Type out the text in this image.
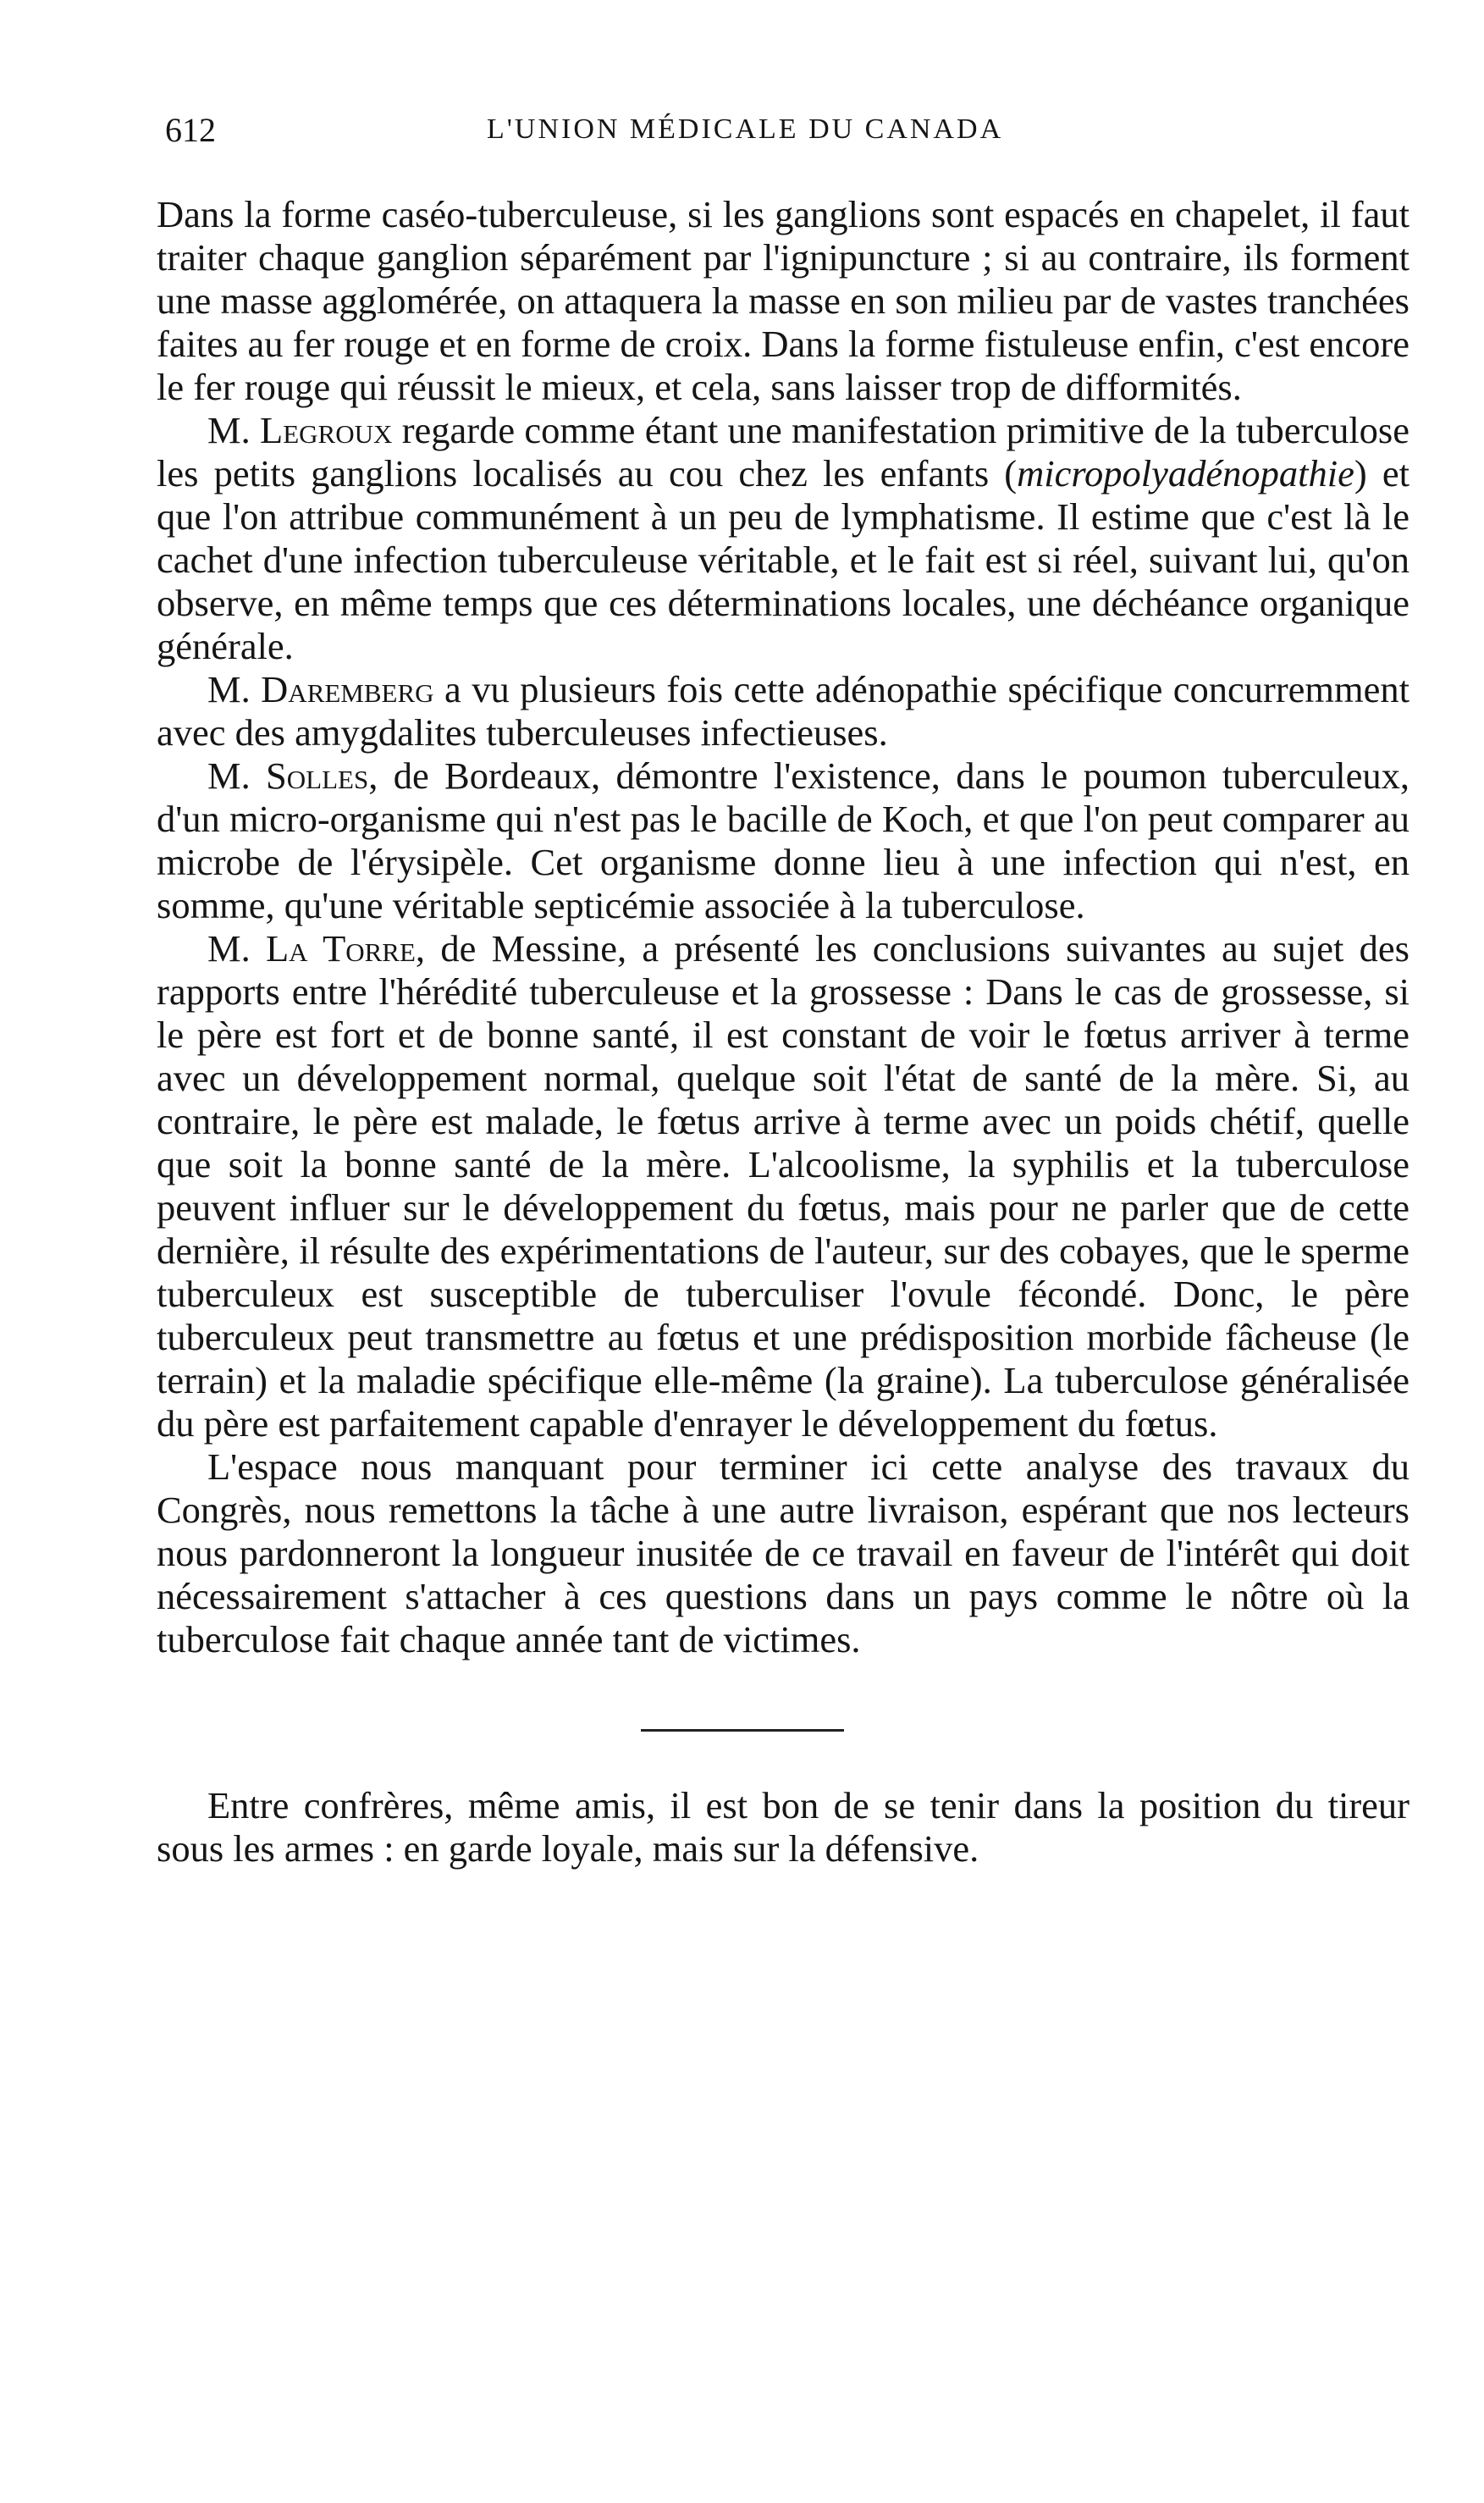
612	L'UNION MÉDICALE DU CANADA

Dans la forme caséo-tuberculeuse, si les ganglions sont espacés en chapelet, il faut traiter chaque ganglion séparément par l'ignipuncture ; si au contraire, ils forment une masse agglomérée, on attaquera la masse en son milieu par de vastes tranchées faites au fer rouge et en forme de croix. Dans la forme fistuleuse enfin, c'est encore le fer rouge qui réussit le mieux, et cela, sans laisser trop de difformités.

M. Legroux regarde comme étant une manifestation primitive de la tuberculose les petits ganglions localisés au cou chez les enfants (micropolyadénopathie) et que l'on attribue communément à un peu de lymphatisme. Il estime que c'est là le cachet d'une infection tuberculeuse véritable, et le fait est si réel, suivant lui, qu'on observe, en même temps que ces déterminations locales, une déchéance organique générale.

M. Daremberg a vu plusieurs fois cette adénopathie spécifique concurremment avec des amygdalites tuberculeuses infectieuses.

M. Solles, de Bordeaux, démontre l'existence, dans le poumon tuberculeux, d'un micro-organisme qui n'est pas le bacille de Koch, et que l'on peut comparer au microbe de l'érysipèle. Cet organisme donne lieu à une infection qui n'est, en somme, qu'une véritable septicémie associée à la tuberculose.

M. La Torre, de Messine, a présenté les conclusions suivantes au sujet des rapports entre l'hérédité tuberculeuse et la grossesse : Dans le cas de grossesse, si le père est fort et de bonne santé, il est constant de voir le fœtus arriver à terme avec un développement normal, quelque soit l'état de santé de la mère. Si, au contraire, le père est malade, le fœtus arrive à terme avec un poids chétif, quelle que soit la bonne santé de la mère. L'alcoolisme, la syphilis et la tuberculose peuvent influer sur le développement du fœtus, mais pour ne parler que de cette dernière, il résulte des expérimentations de l'auteur, sur des cobayes, que le sperme tuberculeux est susceptible de tuberculiser l'ovule fécondé. Donc, le père tuberculeux peut transmettre au fœtus et une prédisposition morbide fâcheuse (le terrain) et la maladie spécifique elle-même (la graine). La tuberculose généralisée du père est parfaitement capable d'enrayer le développement du fœtus.

L'espace nous manquant pour terminer ici cette analyse des travaux du Congrès, nous remettons la tâche à une autre livraison, espérant que nos lecteurs nous pardonneront la longueur inusitée de ce travail en faveur de l'intérêt qui doit nécessairement s'attacher à ces questions dans un pays comme le nôtre où la tuberculose fait chaque année tant de victimes.

Entre confrères, même amis, il est bon de se tenir dans la position du tireur sous les armes : en garde loyale, mais sur la défensive.
